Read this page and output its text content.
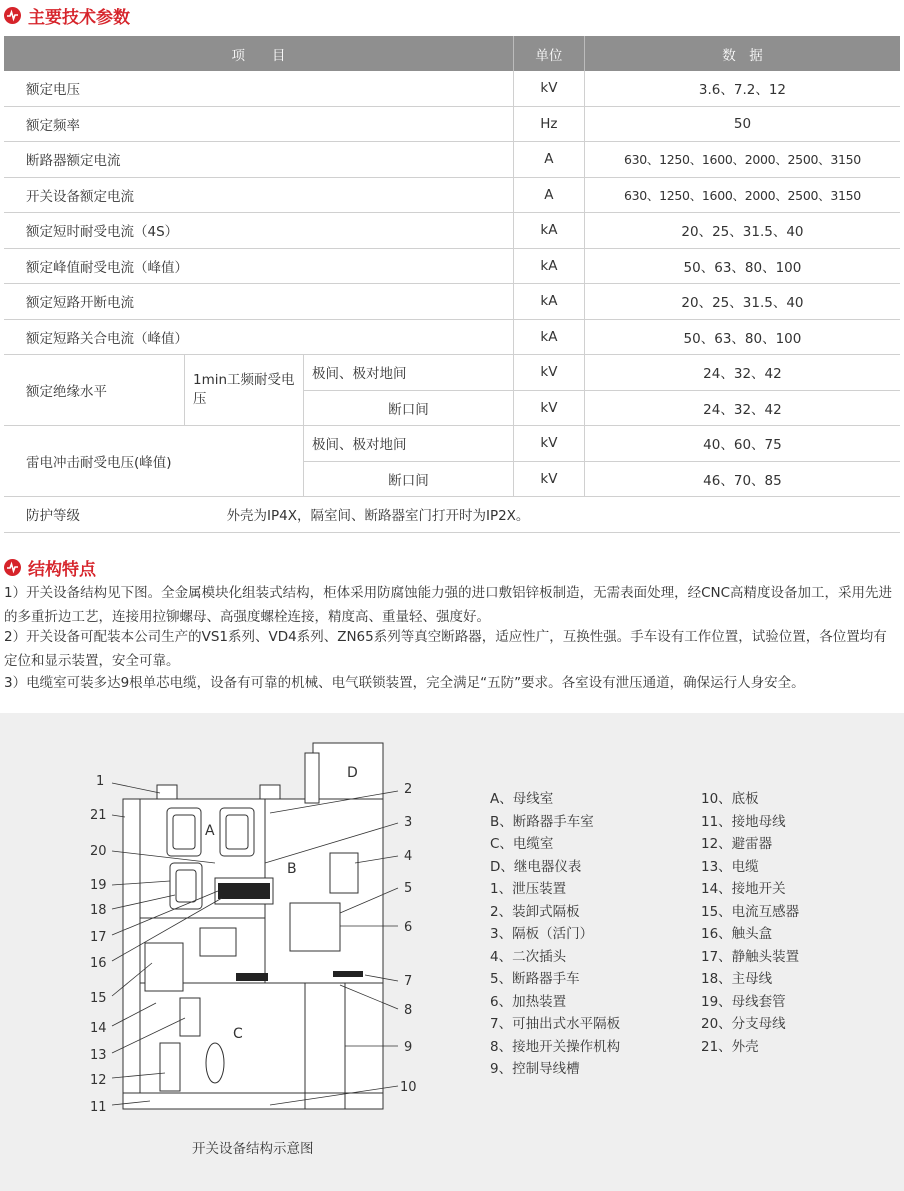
主要技术参数
项　　目			单位	数　据
额定电压			kV	3.6、7.2、12
额定频率			Hz	50
断路器额定电流			A	630、1250、1600、2000、2500、3150
开关设备额定电流			A	630、1250、1600、2000、2500、3150
额定短时耐受电流（4S）			kA	20、25、31.5、40
额定峰值耐受电流（峰值）			kA	50、63、80、100
额定短路开断电流			kA	20、25、31.5、40
额定短路关合电流（峰值）			kA	50、63、80、100
额定绝缘水平	1min工频耐受电压	极间、极对地间	kV	24、32、42
		断口间	kV	24、32、42
雷电冲击耐受电压(峰值)		极间、极对地间	kV	40、60、75
		断口间	kV	46、70、85
防护等级	外壳为IP4X，隔室间、断路器室门打开时为IP2X。			
结构特点
1）开关设备结构见下图。全金属模块化组装式结构，柜体采用防腐蚀能力强的进口敷铝锌板制造，无需表面处理，经CNC高精度设备加工，采用先进的多重折边工艺，连接用拉铆螺母、高强度螺栓连接，精度高、重量轻、强度好。
2）开关设备可配装本公司生产的VS1系列、VD4系列、ZN65系列等真空断路器，适应性广，互换性强。手车设有工作位置，试验位置，各位置均有定位和显示装置，安全可靠。
3）电缆室可装多达9根单芯电缆，设备有可靠的机械、电气联锁装置，完全满足“五防”要求。各室设有泄压通道，确保运行人身安全。
A
B
C
D
1
21
20
19
18
17
16
15
14
13
12
11
2
3
4
5
6
7
8
9
10
A、母线室
B、断路器手车室
C、电缆室
D、继电器仪表
1、泄压装置
2、装卸式隔板
3、隔板（活门）
4、二次插头
5、断路器手车
6、加热装置
7、可抽出式水平隔板
8、接地开关操作机构
9、控制导线槽
10、底板
11、接地母线
12、避雷器
13、电缆
14、接地开关
15、电流互感器
16、触头盒
17、静触头装置
18、主母线
19、母线套管
20、分支母线
21、外壳
开关设备结构示意图
